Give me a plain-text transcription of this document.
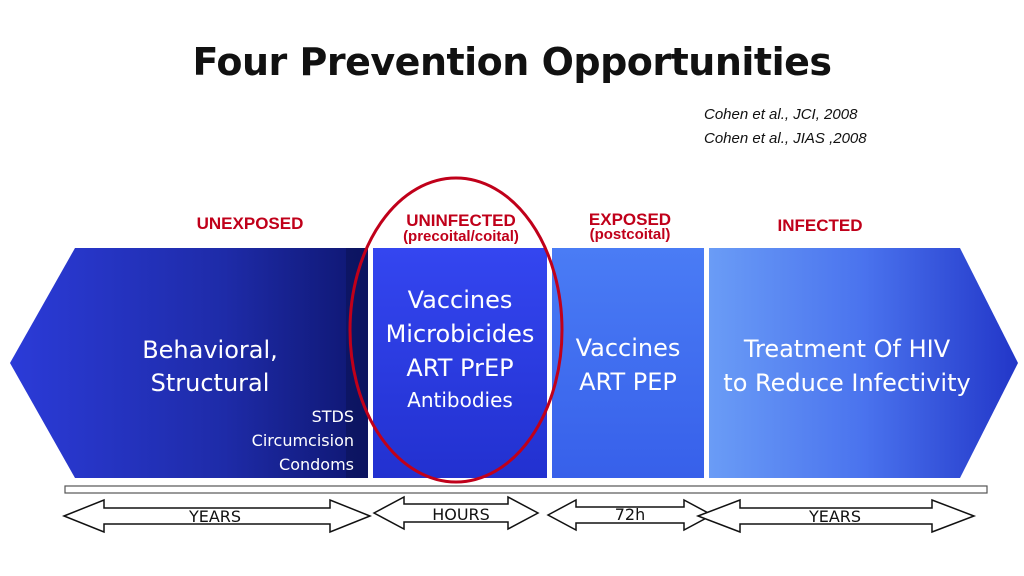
Four Prevention Opportunities
Cohen et al., JCI, 2008
Cohen et al., JIAS ,2008
UNEXPOSED	UNINFECTED
(precoital/coital)
EXPOSED
(postcoital)	INFECTED
Behavioral,
Structural
STDS
Circumcision
Condoms
Vaccines
Microbicides
ART PrEP
Antibodies
Vaccines
ART PEP
Treatment Of HIV
to Reduce Infectivity
YEARS	HOURS	72h	YEARS
